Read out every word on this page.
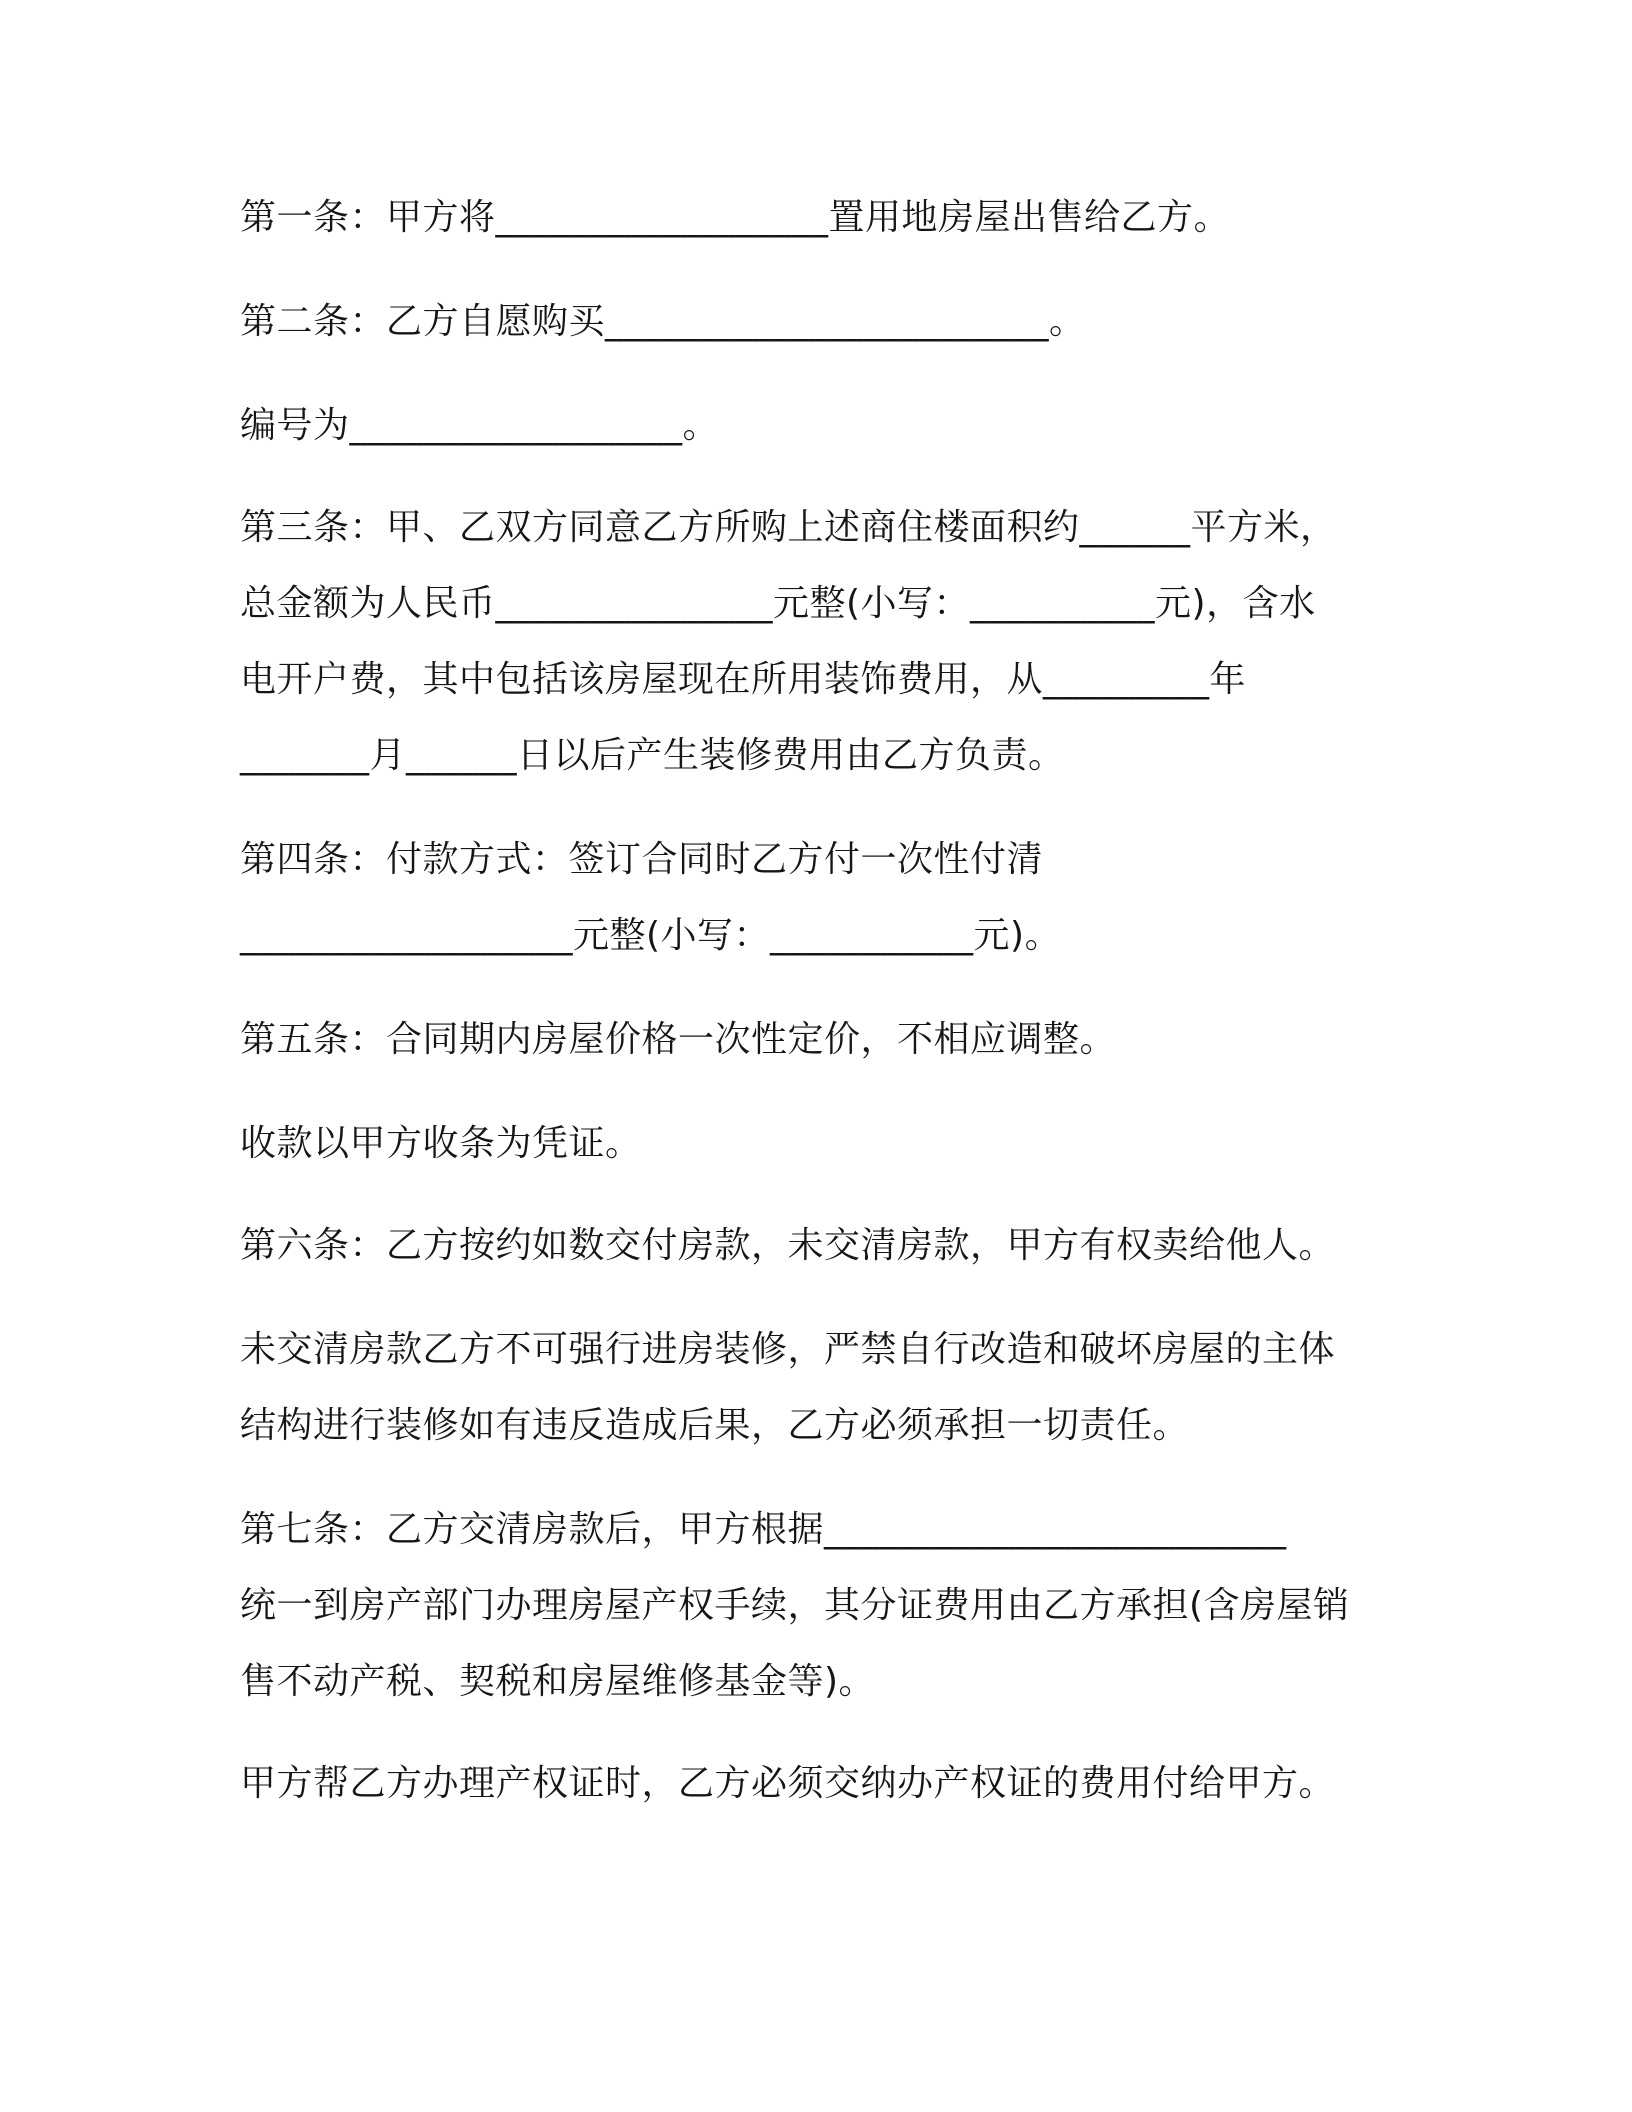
第一条：甲方将__________________置用地房屋出售给乙方。
第二条：乙方自愿购买________________________。
编号为__________________。
第三条：甲、乙双方同意乙方所购上述商住楼面积约______平方米，
总金额为人民币_______________元整(小写：__________元)，含水
电开户费，其中包括该房屋现在所用装饰费用，从_________年
_______月______日以后产生装修费用由乙方负责。
第四条：付款方式：签订合同时乙方付一次性付清
__________________元整(小写：___________元)。
第五条：合同期内房屋价格一次性定价，不相应调整。
收款以甲方收条为凭证。
第六条：乙方按约如数交付房款，未交清房款，甲方有权卖给他人。
未交清房款乙方不可强行进房装修，严禁自行改造和破坏房屋的主体
结构进行装修如有违反造成后果，乙方必须承担一切责任。
第七条：乙方交清房款后，甲方根据_________________________
统一到房产部门办理房屋产权手续，其分证费用由乙方承担(含房屋销
售不动产税、契税和房屋维修基金等)。
甲方帮乙方办理产权证时，乙方必须交纳办产权证的费用付给甲方。
